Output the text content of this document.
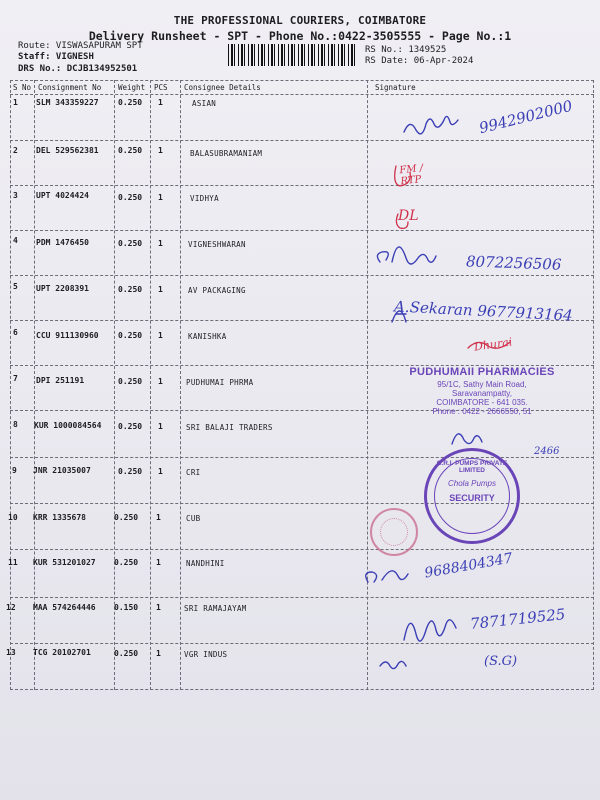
THE PROFESSIONAL COURIERS, COIMBATORE
Delivery Runsheet - SPT - Phone No.:0422-3505555 - Page No.:1
Route: VISWASAPURAM SPT
Staff: VIGNESH
DRS No.: DCJB134952501
RS No.: 1349525
RS Date: 06-Apr-2024
S No Consignment No Weight PCS Consignee Details	Signature
1 SLM 343359227 0.250 1	ASIAN
2 DEL 529562381 0.250 1	BALASUBRAMANIAM
3 UPT 4024424	0.250 1	VIDHYA
4 PDM 1476450	0.250 1	VIGNESHWARAN
5 UPT 2208391	0.250 1	AV PACKAGING
6 CCU 911130960 0.250 1	KANISHKA
7 DPI 251191	0.250 1	PUDHUMAI PHRMA
8 KUR 1000084564 0.250 1	SRI BALAJI TRADERS
9 JNR 21035007	0.250 1	CRI
10 KRR 1335678	0.250 1	CUB
11 KUR 531201027 0.250 1	NANDHINI
12 MAA 574264446 0.150 1	SRI RAMAJAYAM
13 TCG 20102701	0.250 1	VGR INDUS
9942902000
FM / RTP
DL
8072256506
A.Sekaran 9677913164
Dhurai
2466
9688404347
7871719525
(S.G)
PUDHUMAII PHARMACIES
95/1C, Sathy Main Road,
Saravanampatty,
COIMBATORE - 641 035.
Phone : 0422 - 2666550, 51
C.R.I. PUMPS PRIVATE LIMITED
Chola Pumps
SECURITY
